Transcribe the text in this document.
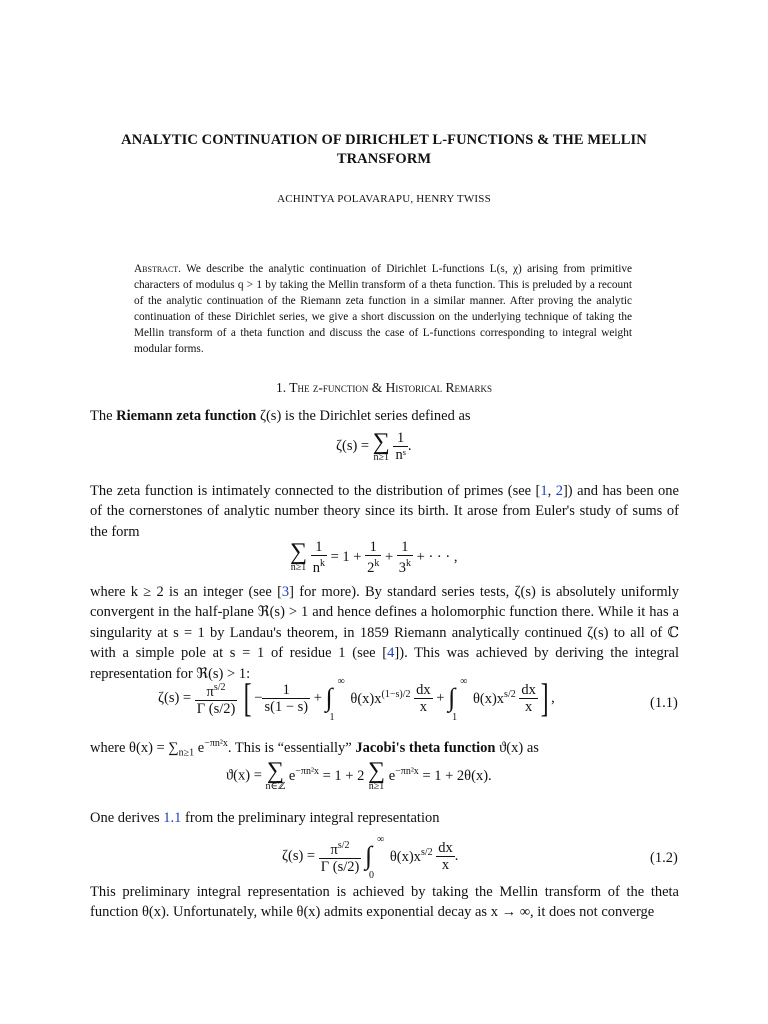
ANALYTIC CONTINUATION OF DIRICHLET L-FUNCTIONS & THE MELLIN
TRANSFORM
ACHINTYA POLAVARAPU, HENRY TWISS
Abstract. We describe the analytic continuation of Dirichlet L-functions L(s, χ) arising from primitive characters of modulus q > 1 by taking the Mellin transform of a theta function. This is preluded by a recount of the analytic continuation of the Riemann zeta function in a similar manner. After proving the analytic continuation of these Dirichlet series, we give a short discussion on the underlying technique of taking the Mellin transform of a theta function and discuss the case of L-functions corresponding to integral weight modular forms.
1. The ζ-function & Historical Remarks
The Riemann zeta function ζ(s) is the Dirichlet series defined as
ζ(s) = ∑
n≥1
$\frac{1}{\text{nˢ}}$ .
The zeta function is intimately connected to the distribution of primes (see [1, 2]) and has been one of the cornerstones of analytic number theory since its birth. It arose from Euler's study of sums of the form
∑
n≥1
$\frac{1}{n^k} = 1 + \frac{1}{2^k} + \frac{1}{3^k}$ + · · · ,
where k ≥ 2 is an integer (see [3] for more). By standard series tests, ζ(s) is absolutely uniformly convergent in the half-plane ℜ(s) > 1 and hence defines a holomorphic function there. While it has a singularity at s = 1 by Landau's theorem, in 1859 Riemann analytically continued ζ(s) to all of ℂ with a simple pole at s = 1 of residue 1 (see [4]). This was achieved by deriving the integral representation for ℜ(s) > 1:
$\zeta(s) = \frac{\pi^{s/2}}{\Gamma (s/2)}$ [ − $\frac{1}{s(1 - s)}$ + ∫
∞
1
$\theta(x)x^{(1-s)/2} \frac{dx}{x}$ + ∫
∞
1
$\theta(x)x^{s/2} \frac{dx}{x}$ ] ,	(1.1)
where $\theta(x) = \sum_{n\ge 1}$ $e^{-\pi n^2x}$. This is “essentially” Jacobi's theta function ϑ(x) as
ϑ(x) = ∑
n∈ℤ
$e^{-\pi n^2x} = 1 + 2$ ∑
n≥1
$e^{-\pi n^2x} = 1 + 2\theta(x)$.
One derives 1.1 from the preliminary integral representation
$\zeta(s) = \frac{\pi^{s/2}}{\Gamma (s/2)}$ ∫
∞
0
$\theta(x)x^{s/2} \frac{dx}{x}$ .	(1.2)
This preliminary integral representation is achieved by taking the Mellin transform of the theta function θ(x). Unfortunately, while θ(x) admits exponential decay as x → ∞, it does not converge
